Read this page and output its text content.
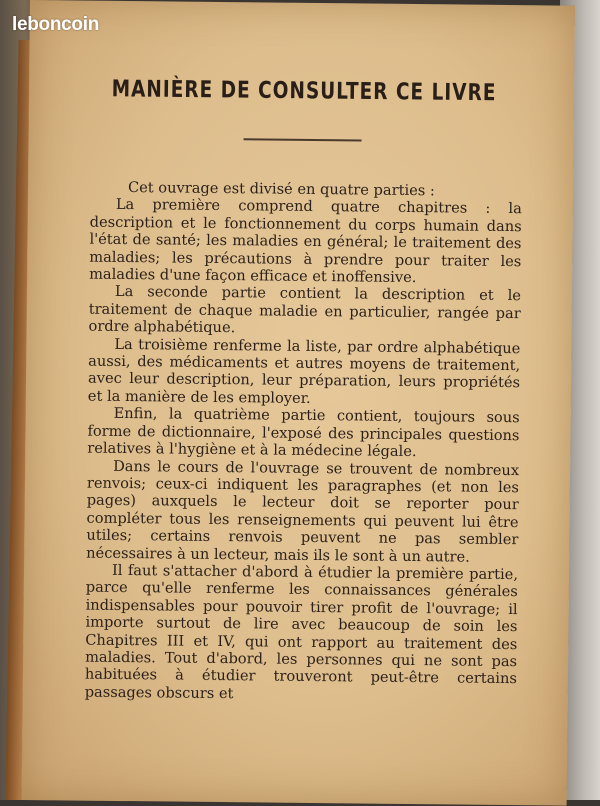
MANIÈRE DE CONSULTER CE LIVRE

Cet ouvrage est divisé en quatre parties :

La première comprend quatre chapitres : la description et le fonctionnement du corps humain dans l'état de santé; les maladies en général; le traitement des maladies; les précautions à prendre pour traiter les maladies d'une façon efficace et inoffensive.

La seconde partie contient la description et le traitement de chaque maladie en particulier, rangée par ordre alphabétique.

La troisième renferme la liste, par ordre alphabétique aussi, des médicaments et autres moyens de traitement, avec leur description, leur préparation, leurs propriétés et la manière de les employer.

Enfin, la quatrième partie contient, toujours sous forme de dictionnaire, l'exposé des principales questions relatives à l'hygiène et à la médecine légale.

Dans le cours de l'ouvrage se trouvent de nombreux renvois; ceux-ci indiquent les paragraphes (et non les pages) auxquels le lecteur doit se reporter pour compléter tous les renseignements qui peuvent lui être utiles; certains renvois peuvent ne pas sembler nécessaires à un lecteur, mais ils le sont à un autre.

Il faut s'attacher d'abord à étudier la première partie, parce qu'elle renferme les connaissances générales indispensables pour pouvoir tirer profit de l'ouvrage; il importe surtout de lire avec beaucoup de soin les Chapitres III et IV, qui ont rapport au traitement des maladies. Tout d'abord, les personnes qui ne sont pas habituées à étudier trouveront peut-être certains passages obscurs et

leboncoin
